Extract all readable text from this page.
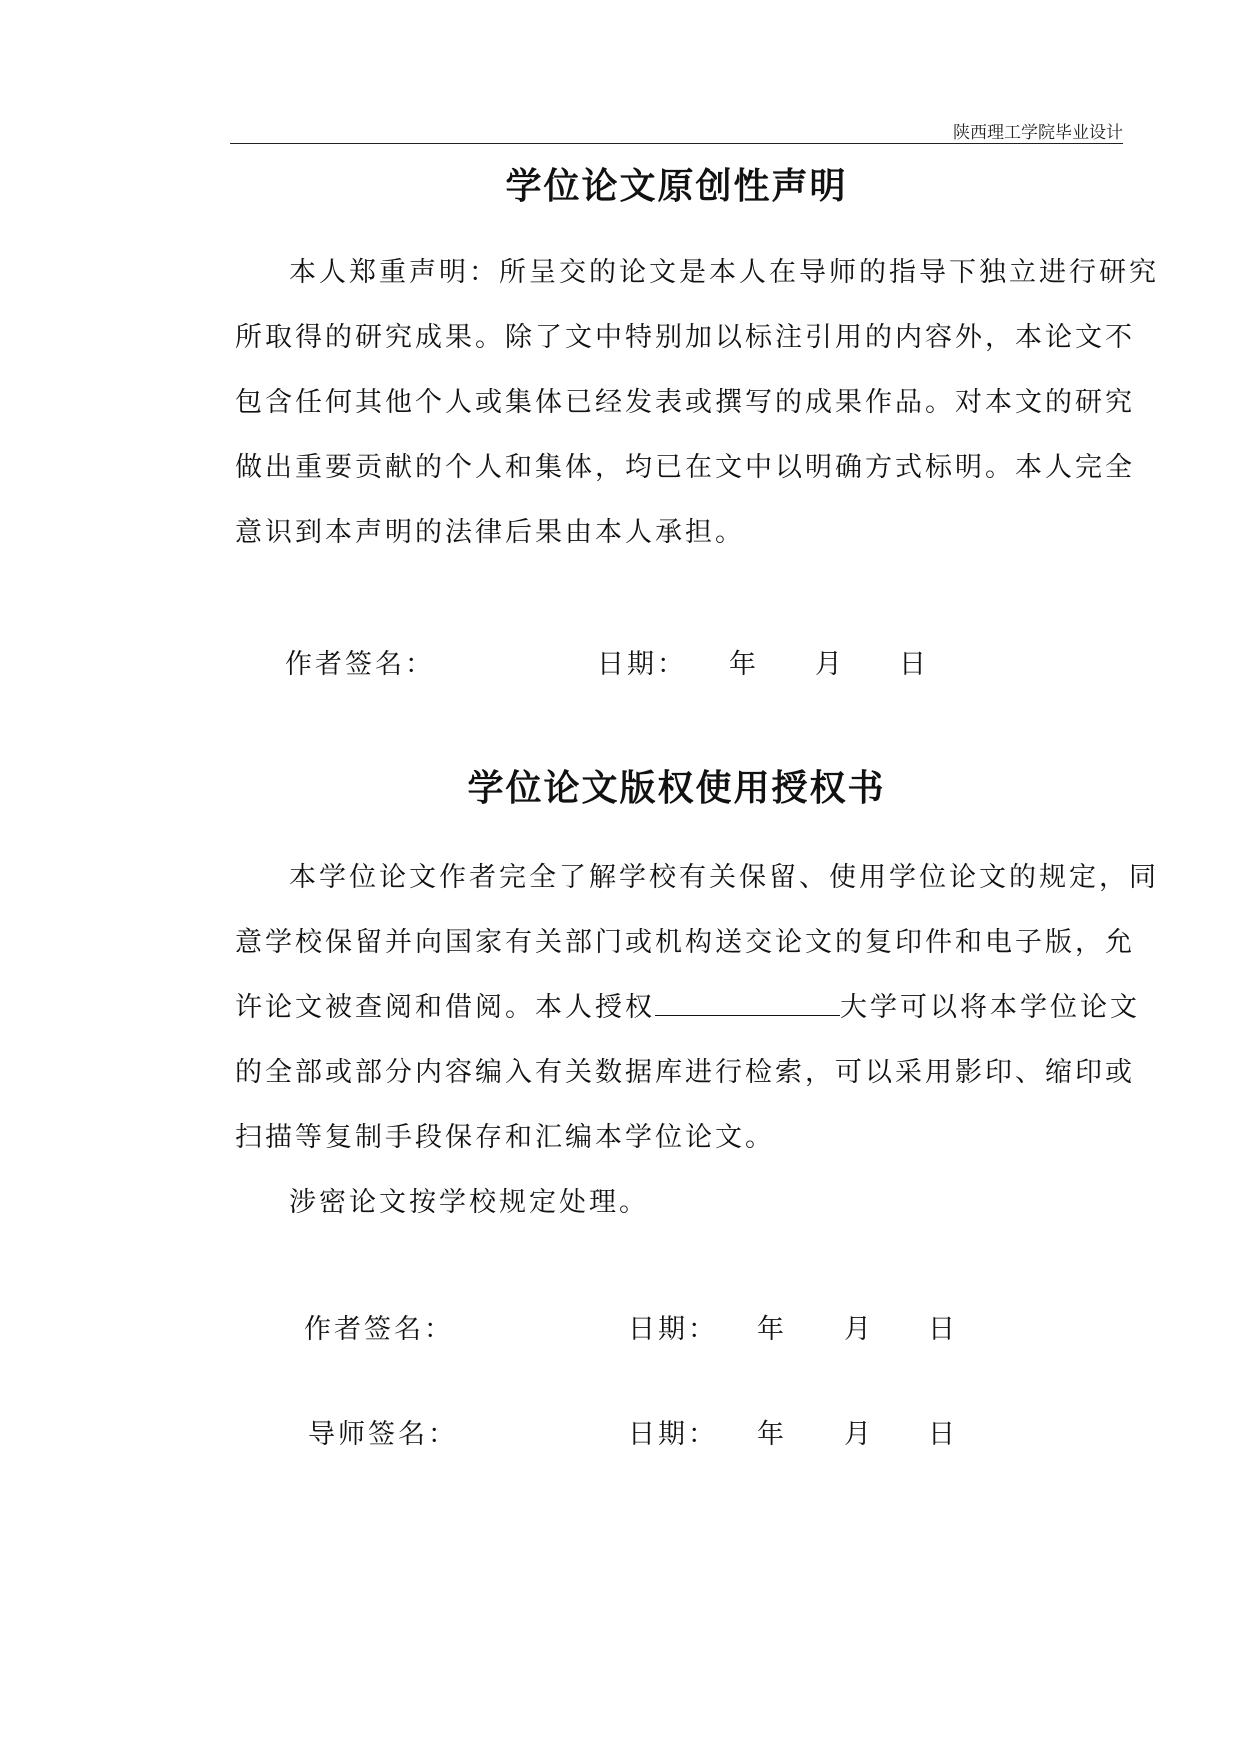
陕西理工学院毕业设计
学位论文原创性声明
本人郑重声明：所呈交的论文是本人在导师的指导下独立进行研究
所取得的研究成果。除了文中特别加以标注引用的内容外，本论文不
包含任何其他个人或集体已经发表或撰写的成果作品。对本文的研究
做出重要贡献的个人和集体，均已在文中以明确方式标明。本人完全
意识到本声明的法律后果由本人承担。
作者签名：	日期： 年 月 日
学位论文版权使用授权书
本学位论文作者完全了解学校有关保留、使用学位论文的规定，同
意学校保留并向国家有关部门或机构送交论文的复印件和电子版，允
许论文被查阅和借阅。本人授权	大学可以将本学位论文
的全部或部分内容编入有关数据库进行检索，可以采用影印、缩印或
扫描等复制手段保存和汇编本学位论文。
涉密论文按学校规定处理。
作者签名：	日期： 年 月 日
导师签名：	日期： 年 月 日
